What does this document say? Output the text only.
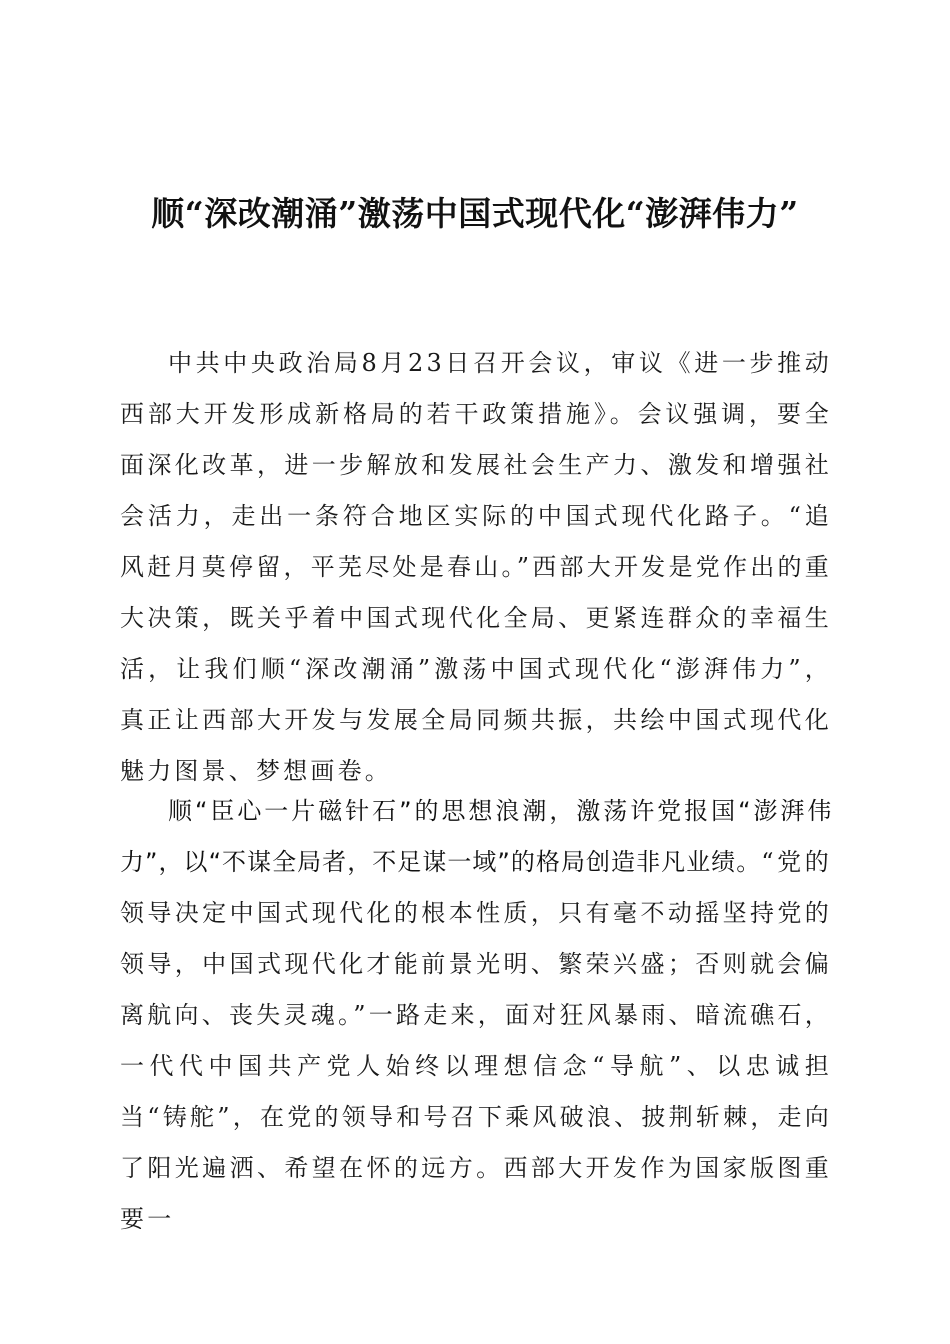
顺“深改潮涌”激荡中国式现代化“澎湃伟力”

中共中央政治局8月23日召开会议，审议《进一步推动西部大开发形成新格局的若干政策措施》。会议强调，要全面深化改革，进一步解放和发展社会生产力、激发和增强社会活力，走出一条符合地区实际的中国式现代化路子。“追风赶月莫停留，平芜尽处是春山。”西部大开发是党作出的重大决策，既关乎着中国式现代化全局、更紧连群众的幸福生活，让我们顺“深改潮涌”激荡中国式现代化“澎湃伟力”，真正让西部大开发与发展全局同频共振，共绘中国式现代化魅力图景、梦想画卷。

顺“臣心一片磁针石”的思想浪潮，激荡许党报国“澎湃伟力”，以“不谋全局者，不足谋一域”的格局创造非凡业绩。“党的领导决定中国式现代化的根本性质，只有毫不动摇坚持党的领导，中国式现代化才能前景光明、繁荣兴盛；否则就会偏离航向、丧失灵魂。”一路走来，面对狂风暴雨、暗流礁石，一代代中国共产党人始终以理想信念“导航”、以忠诚担当“铸舵”，在党的领导和号召下乘风破浪、披荆斩棘，走向了阳光遍洒、希望在怀的远方。西部大开发作为国家版图重要一
